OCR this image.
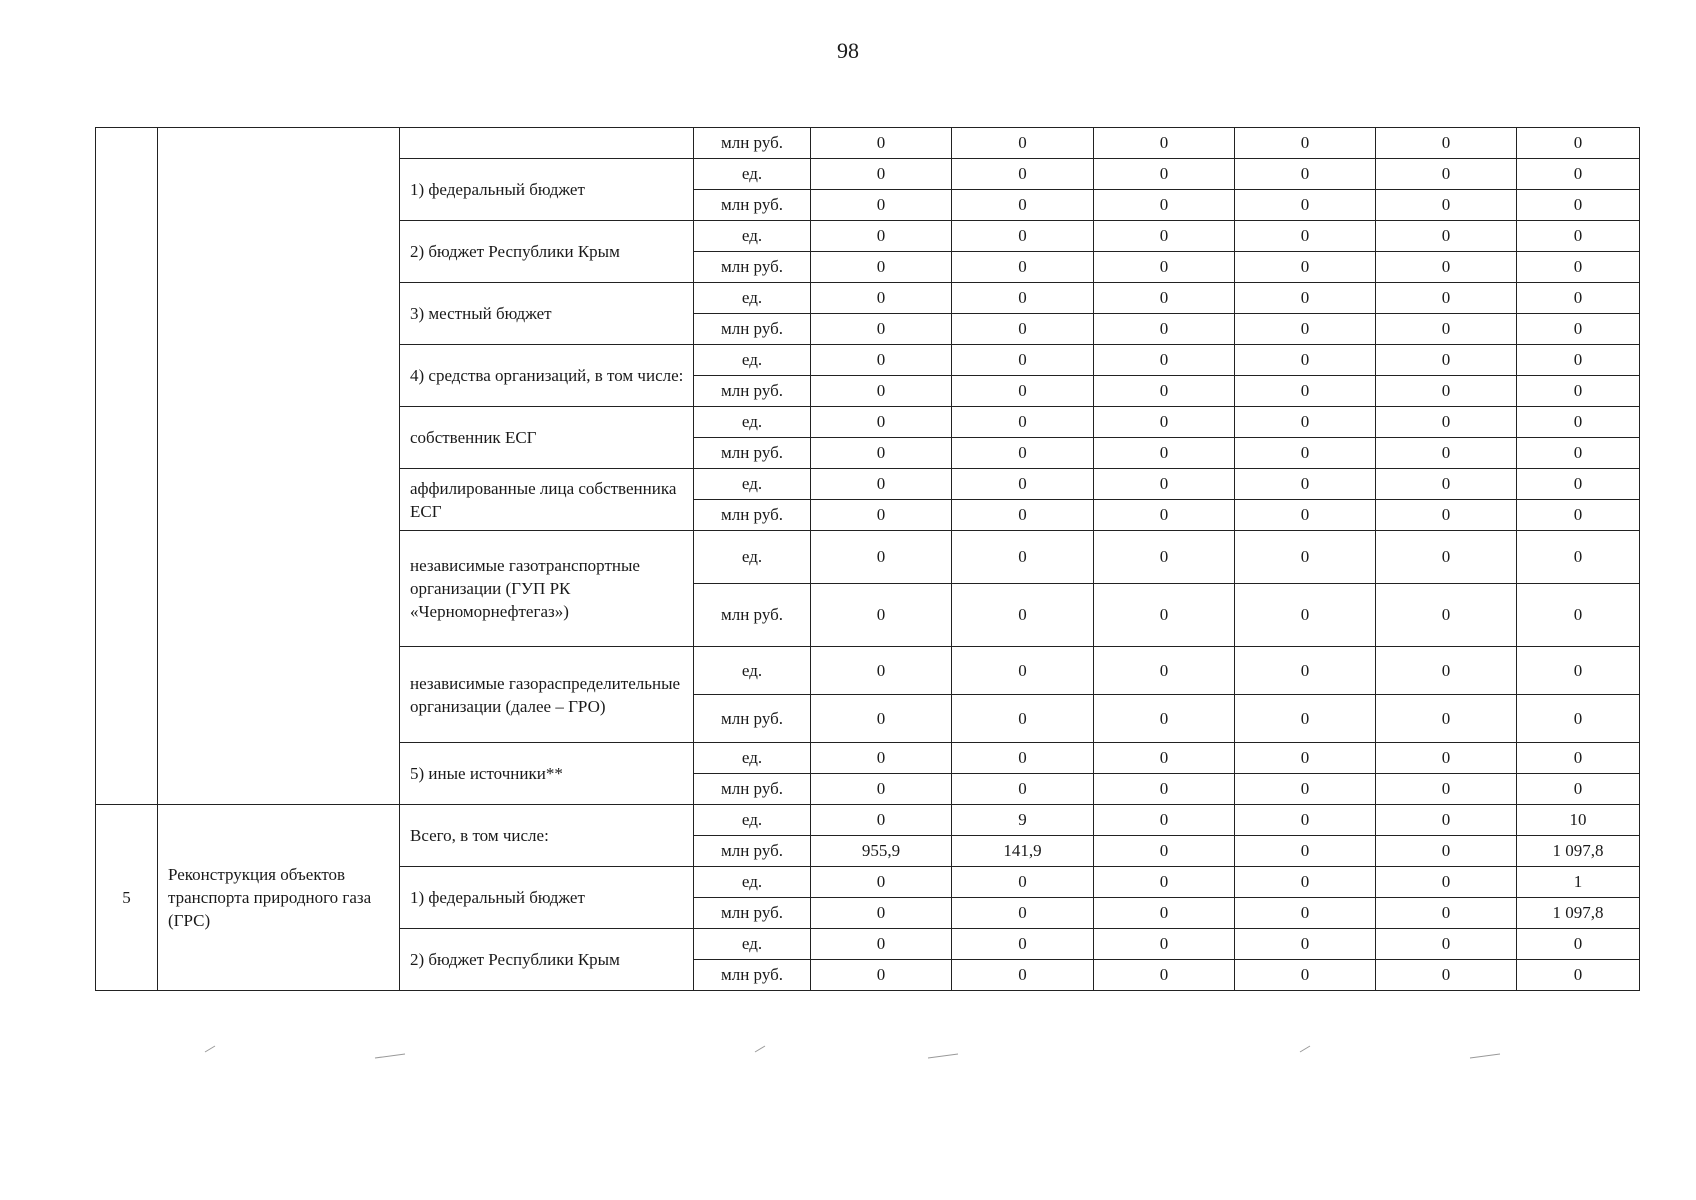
98
			млн руб.	0	0	0	0	0	0
		1) федеральный бюджет	ед.	0	0	0	0	0	0
			млн руб.	0	0	0	0	0	0
		2) бюджет Республики Крым	ед.	0	0	0	0	0	0
			млн руб.	0	0	0	0	0	0
		3) местный бюджет	ед.	0	0	0	0	0	0
			млн руб.	0	0	0	0	0	0
		4) средства организаций, в том числе:	ед.	0	0	0	0	0	0
			млн руб.	0	0	0	0	0	0
		собственник ЕСГ	ед.	0	0	0	0	0	0
			млн руб.	0	0	0	0	0	0
		аффилированные лица собственника ЕСГ	ед.	0	0	0	0	0	0
			млн руб.	0	0	0	0	0	0
		независимые газотранспортные организации (ГУП РК «Черноморнефтегаз»)	ед.	0	0	0	0	0	0
			млн руб.	0	0	0	0	0	0
		независимые газораспределительные организации (далее – ГРО)	ед.	0	0	0	0	0	0
			млн руб.	0	0	0	0	0	0
		5) иные источники**	ед.	0	0	0	0	0	0
			млн руб.	0	0	0	0	0	0
5	Реконструкция объектов транспорта природного газа (ГРС)	Всего, в том числе:	ед.	0	9	0	0	0	10
			млн руб.	955,9	141,9	0	0	0	1 097,8
		1) федеральный бюджет	ед.	0	0	0	0	0	1
			млн руб.	0	0	0	0	0	1 097,8
		2) бюджет Республики Крым	ед.	0	0	0	0	0	0
			млн руб.	0	0	0	0	0	0
